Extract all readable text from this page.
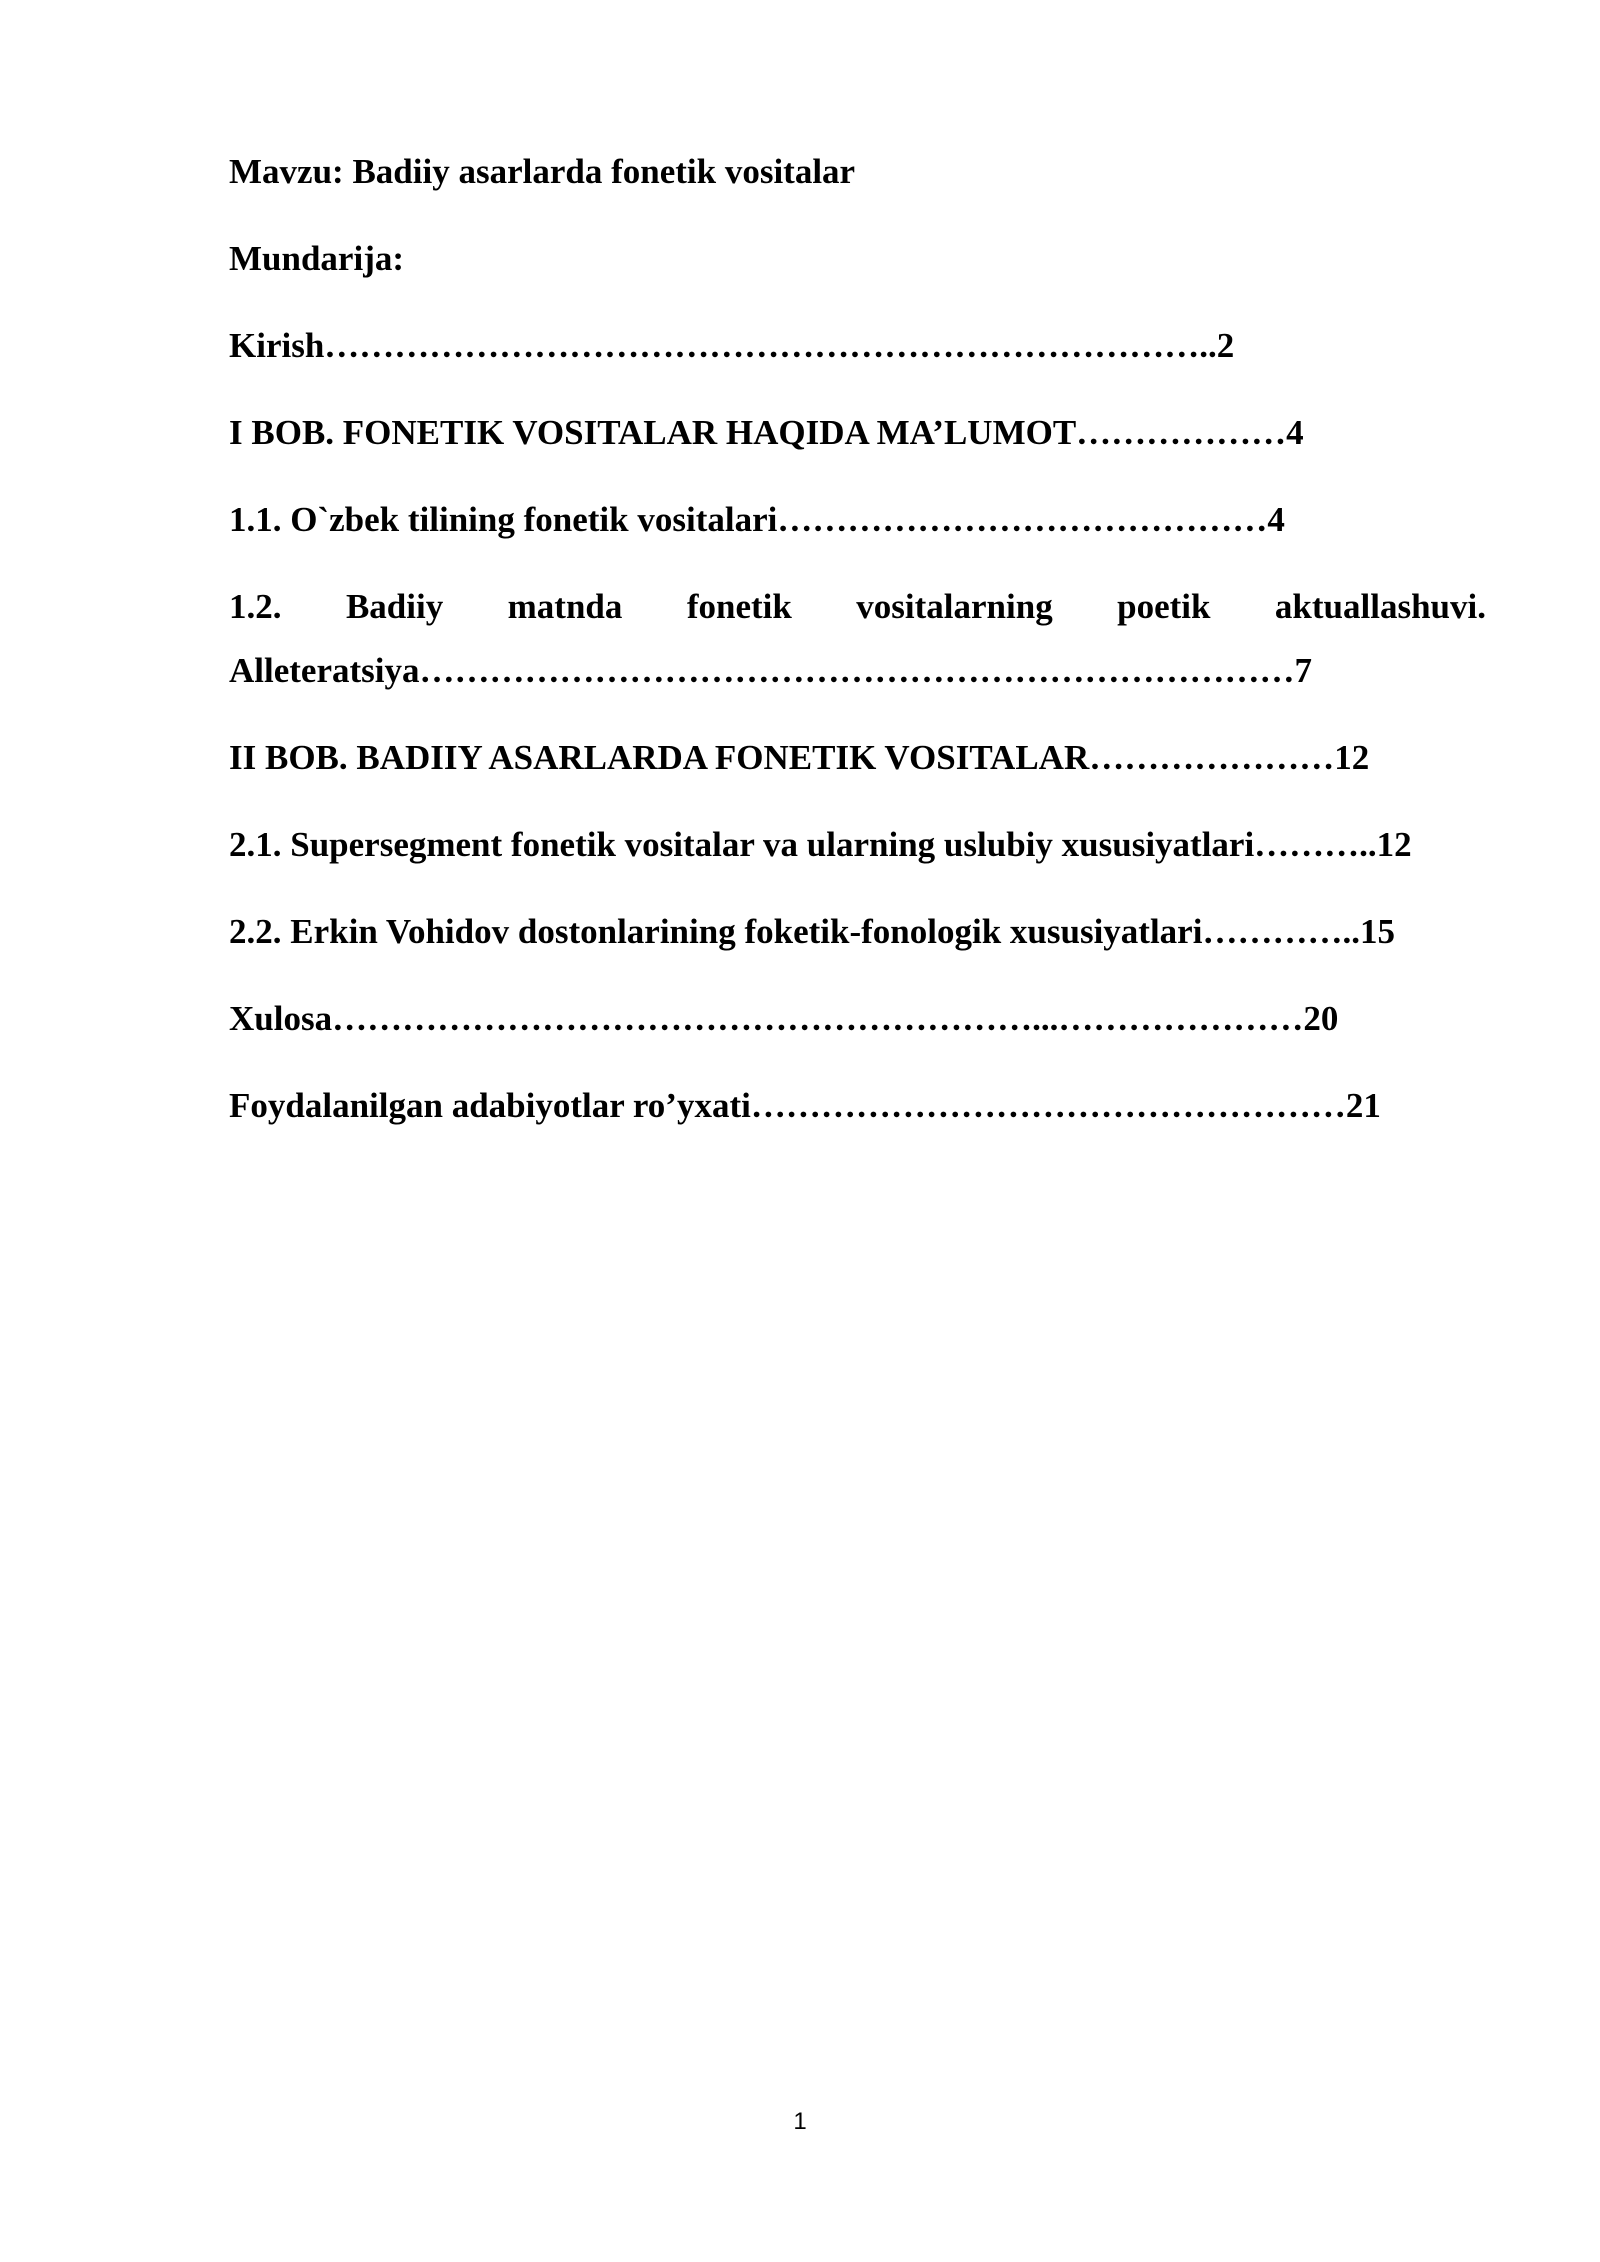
Mavzu: Badiiy asarlarda fonetik vositalar
Mundarija:
Kirish…………………………………………………………………..2
I BOB. FONETIK VOSITALAR HAQIDA MA’LUMOT………………4
1.1. O`zbek tilining fonetik vositalari……………………………………4
1.2. Badiiy matnda fonetik vositalarning poetik aktuallashuvi. Alleteratsiya…………………………………………………………………7
II BOB. BADIIY ASARLARDA FONETIK VOSITALAR…………………12
2.1. Supersegment fonetik vositalar va ularning uslubiy xususiyatlari………..12
2.2. Erkin Vohidov dostonlarining foketik-fonologik xususiyatlari…………..15
Xulosa……………………………………………………...…………………20
Foydalanilgan adabiyotlar ro’yxati……………………………………………21
1
